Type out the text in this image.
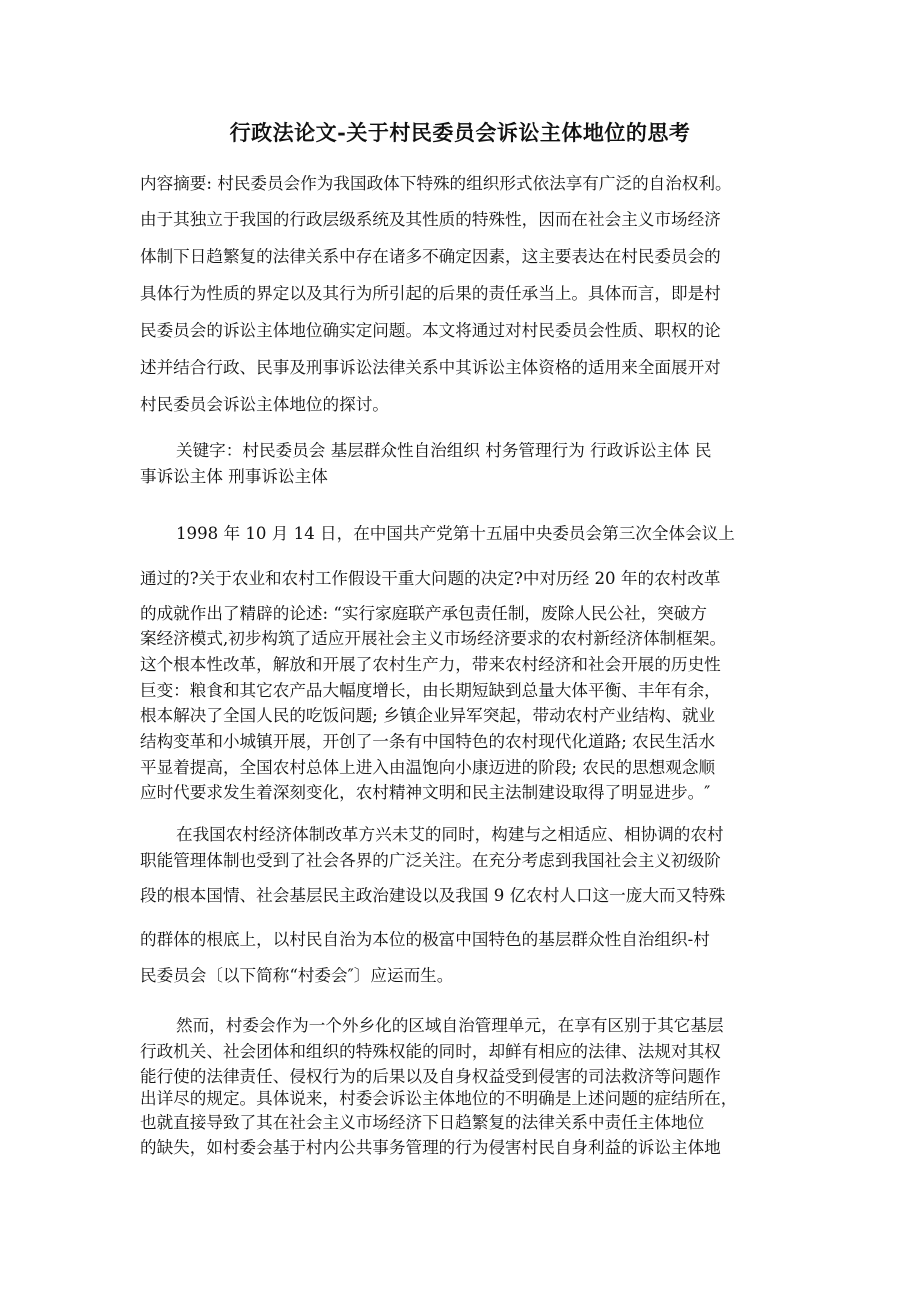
行政法论文-关于村民委员会诉讼主体地位的思考
内容摘要: 村民委员会作为我国政体下特殊的组织形式依法享有广泛的自治权利。
由于其独立于我国的行政层级系统及其性质的特殊性，因而在社会主义市场经济
体制下日趋繁复的法律关系中存在诸多不确定因素，这主要表达在村民委员会的
具体行为性质的界定以及其行为所引起的后果的责任承当上。具体而言，即是村
民委员会的诉讼主体地位确实定问题。本文将通过对村民委员会性质、职权的论
述并结合行政、民事及刑事诉讼法律关系中其诉讼主体资格的适用来全面展开对
村民委员会诉讼主体地位的探讨。
关键字：村民委员会 基层群众性自治组织 村务管理行为 行政诉讼主体 民
事诉讼主体 刑事诉讼主体
1998 年 10 月 14 日，在中国共产党第十五届中央委员会第三次全体会议上
通过的?关于农业和农村工作假设干重大问题的决定?中对历经 20 年的农村改革
的成就作出了精辟的论述: “实行家庭联产承包责任制，废除人民公社，突破方
案经济模式,初步构筑了适应开展社会主义市场经济要求的农村新经济体制框架。
这个根本性改革，解放和开展了农村生产力，带来农村经济和社会开展的历史性
巨变：粮食和其它农产品大幅度增长，由长期短缺到总量大体平衡、丰年有余，
根本解决了全国人民的吃饭问题; 乡镇企业异军突起，带动农村产业结构、就业
结构变革和小城镇开展，开创了一条有中国特色的农村现代化道路; 农民生活水
平显着提高，全国农村总体上进入由温饱向小康迈进的阶段; 农民的思想观念顺
应时代要求发生着深刻变化，农村精神文明和民主法制建设取得了明显进步。″
在我国农村经济体制改革方兴未艾的同时，构建与之相适应、相协调的农村
职能管理体制也受到了社会各界的广泛关注。在充分考虑到我国社会主义初级阶
段的根本国情、社会基层民主政治建设以及我国 9 亿农村人口这一庞大而又特殊
的群体的根底上，以村民自治为本位的极富中国特色的基层群众性自治组织-村
民委员会〔以下简称“村委会″〕应运而生。
然而，村委会作为一个外乡化的区域自治管理单元，在享有区别于其它基层
行政机关、社会团体和组织的特殊权能的同时，却鲜有相应的法律、法规对其权
能行使的法律责任、侵权行为的后果以及自身权益受到侵害的司法救济等问题作
出详尽的规定。具体说来，村委会诉讼主体地位的不明确是上述问题的症结所在，
也就直接导致了其在社会主义市场经济下日趋繁复的法律关系中责任主体地位
的缺失，如村委会基于村内公共事务管理的行为侵害村民自身利益的诉讼主体地
